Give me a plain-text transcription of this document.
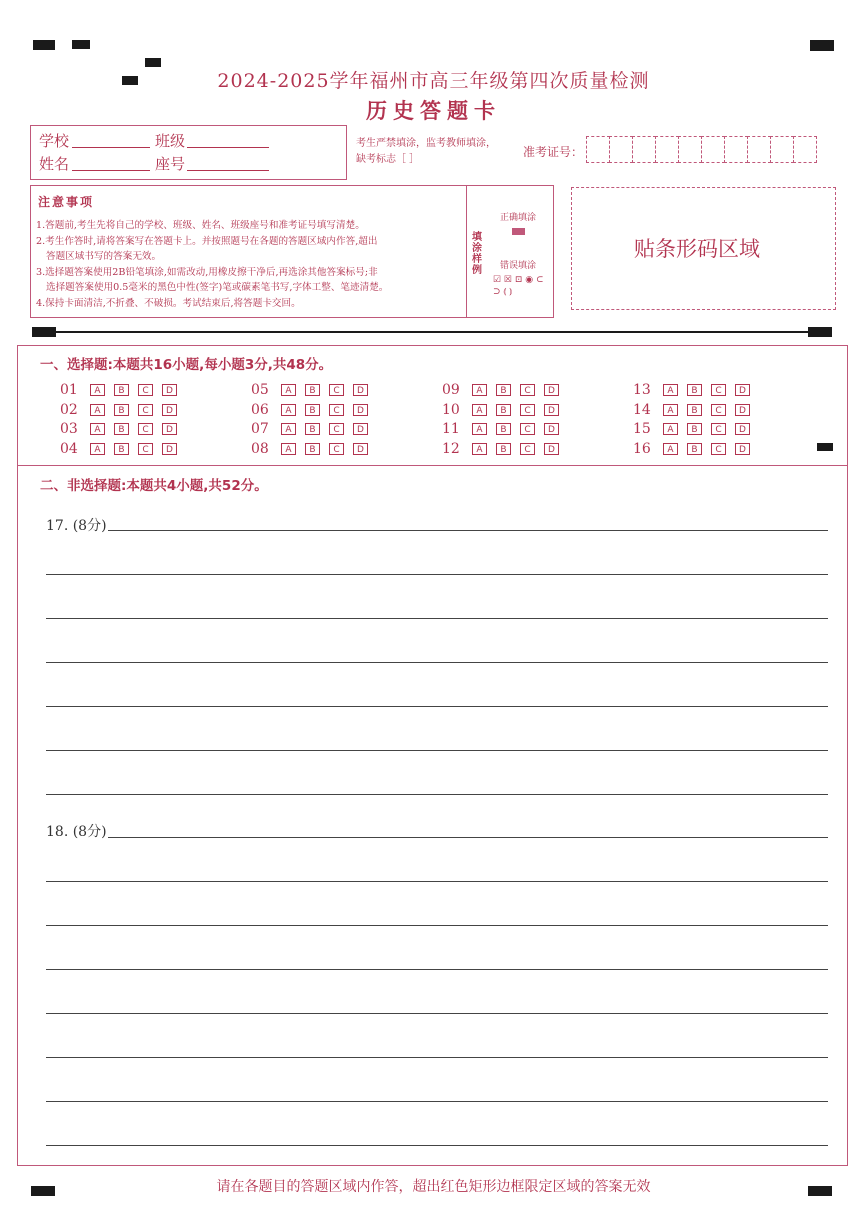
2024-2025学年福州市高三年级第四次质量检测
历史答题卡
学校	班级
姓名	座号
考生严禁填涂，监考教师填涂，
缺考标志［ ］
准考证号：
注意事项
1.答题前,考生先将自己的学校、班级、姓名、班级座号和准考证号填写清楚。
2.考生作答时,请将答案写在答题卡上。并按照题号在各题的答题区域内作答,超出
答题区域书写的答案无效。
3.选择题答案使用2B铅笔填涂,如需改动,用橡皮擦干净后,再选涂其他答案标号;非
选择题答案使用0.5毫米的黑色中性(签字)笔或碳素笔书写,字体工整、笔迹清楚。
4.保持卡面清洁,不折叠、不破损。考试结束后,将答题卡交回。
填涂样例
正确填涂
错误填涂
☑ ☒ ⊡ ◉ ⊂⊃ ⦅ ⦆
贴条形码区域
一、选择题:本题共16小题,每小题3分,共48分。
01	A	B	C	D
02	A	B	C	D
03	A	B	C	D
04	A	B	C	D
05	A	B	C	D
06	A	B	C	D
07	A	B	C	D
08	A	B	C	D
09	A	B	C	D
10	A	B	C	D
11	A	B	C	D
12	A	B	C	D
13	A	B	C	D
14	A	B	C	D
15	A	B	C	D
16	A	B	C	D
二、非选择题:本题共4小题,共52分。
17. (8分)
18. (8分)
请在各题目的答题区域内作答，超出红色矩形边框限定区域的答案无效
